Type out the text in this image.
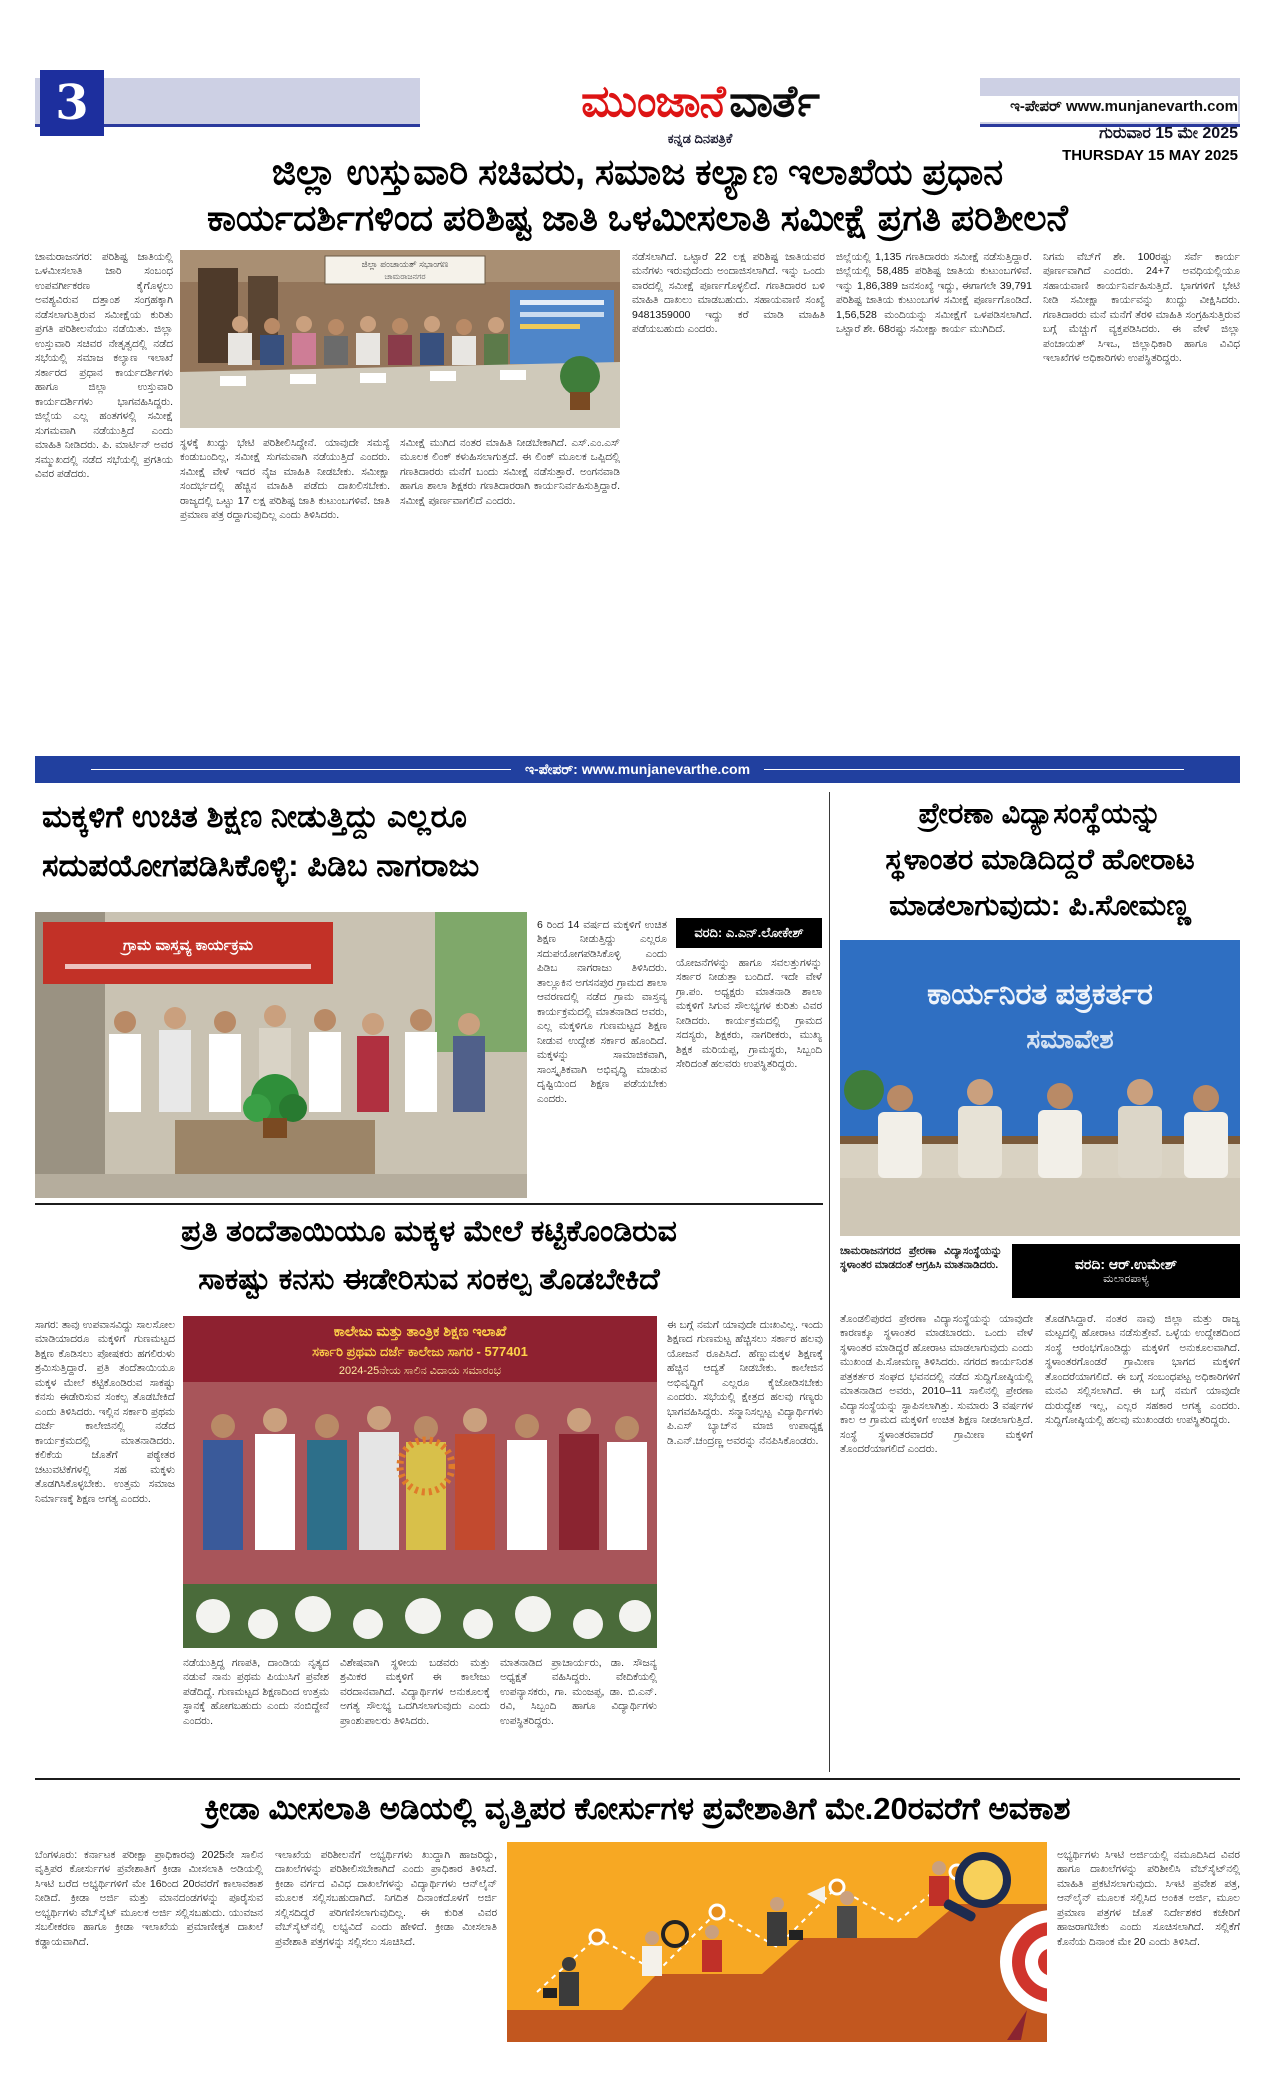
3	ಮುಂಜಾನೆ ವಾರ್ತೆ
ಕನ್ನಡ ದಿನಪತ್ರಿಕೆ
ಇ-ಪೇಪರ್ www.munjanevarth.com
ಗುರುವಾರ 15 ಮೇ 2025
THURSDAY 15 MAY 2025
ಜಿಲ್ಲಾ ಉಸ್ತುವಾರಿ ಸಚಿವರು, ಸಮಾಜ ಕಲ್ಯಾಣ ಇಲಾಖೆಯ ಪ್ರಧಾನ
ಕಾರ್ಯದರ್ಶಿಗಳಿಂದ ಪರಿಶಿಷ್ಟ ಜಾತಿ ಒಳಮೀಸಲಾತಿ ಸಮೀಕ್ಷೆ ಪ್ರಗತಿ ಪರಿಶೀಲನೆ
ಜಿಲ್ಲಾ ಪಂಚಾಯತ್ ಸಭಾಂಗಣ
ಚಾಮರಾಜನಗರ
ಚಾಮರಾಜನಗರ: ಪರಿಶಿಷ್ಟ ಜಾತಿಯಲ್ಲಿ ಒಳಮೀಸಲಾತಿ ಜಾರಿ ಸಂಬಂಧ ಉಪವರ್ಗೀಕರಣ ಕೈಗೊಳ್ಳಲು ಅವಶ್ಯವಿರುವ ದತ್ತಾಂಶ ಸಂಗ್ರಹಕ್ಕಾಗಿ ನಡೆಸಲಾಗುತ್ತಿರುವ ಸಮೀಕ್ಷೆಯ ಕುರಿತು ಪ್ರಗತಿ ಪರಿಶೀಲನೆಯು ನಡೆಯಿತು. ಜಿಲ್ಲಾ ಉಸ್ತುವಾರಿ ಸಚಿವರ ನೇತೃತ್ವದಲ್ಲಿ ನಡೆದ ಸಭೆಯಲ್ಲಿ ಸಮಾಜ ಕಲ್ಯಾಣ ಇಲಾಖೆ ಸರ್ಕಾರದ ಪ್ರಧಾನ ಕಾರ್ಯದರ್ಶಿಗಳು ಹಾಗೂ ಜಿಲ್ಲಾ ಉಸ್ತುವಾರಿ ಕಾರ್ಯದರ್ಶಿಗಳು ಭಾಗವಹಿಸಿದ್ದರು. ಜಿಲ್ಲೆಯ ಎಲ್ಲ ಹಂತಗಳಲ್ಲಿ ಸಮೀಕ್ಷೆ ಸುಗಮವಾಗಿ ನಡೆಯುತ್ತಿದೆ ಎಂದು ಮಾಹಿತಿ ನೀಡಿದರು. ಪಿ. ಮಾರ್ಟಿನ್ ಅವರ ಸಮ್ಮುಖದಲ್ಲಿ ನಡೆದ ಸಭೆಯಲ್ಲಿ ಪ್ರಗತಿಯ ವಿವರ ಪಡೆದರು.
ಸ್ಥಳಕ್ಕೆ ಖುದ್ದು ಭೇಟಿ ಪರಿಶೀಲಿಸಿದ್ದೇನೆ. ಯಾವುದೇ ಸಮಸ್ಯೆ ಕಂಡುಬಂದಿಲ್ಲ, ಸಮೀಕ್ಷೆ ಸುಗಮವಾಗಿ ನಡೆಯುತ್ತಿದೆ ಎಂದರು. ಸಮೀಕ್ಷೆ ವೇಳೆ ಇದರ ನೈಜ ಮಾಹಿತಿ ನೀಡಬೇಕು. ಸಮೀಕ್ಷಾ ಸಂದರ್ಭದಲ್ಲಿ ಹೆಚ್ಚಿನ ಮಾಹಿತಿ ಪಡೆದು ದಾಖಲಿಸಬೇಕು. ರಾಜ್ಯದಲ್ಲಿ ಒಟ್ಟು 17 ಲಕ್ಷ ಪರಿಶಿಷ್ಟ ಜಾತಿ ಕುಟುಂಬಗಳಿವೆ. ಜಾತಿ ಪ್ರಮಾಣ ಪತ್ರ ರದ್ದಾಗುವುದಿಲ್ಲ ಎಂದು ತಿಳಿಸಿದರು.
ಸಮೀಕ್ಷೆ ಮುಗಿದ ನಂತರ ಮಾಹಿತಿ ನೀಡಬೇಕಾಗಿದೆ. ಎಸ್.ಎಂ.ಎಸ್ ಮೂಲಕ ಲಿಂಕ್ ಕಳುಹಿಸಲಾಗುತ್ತದೆ. ಈ ಲಿಂಕ್ ಮೂಲಕ ಒಪ್ಪಿದಲ್ಲಿ ಗಣತಿದಾರರು ಮನೆಗೆ ಬಂದು ಸಮೀಕ್ಷೆ ನಡೆಸುತ್ತಾರೆ. ಅಂಗನವಾಡಿ ಹಾಗೂ ಶಾಲಾ ಶಿಕ್ಷಕರು ಗಣತಿದಾರರಾಗಿ ಕಾರ್ಯನಿರ್ವಹಿಸುತ್ತಿದ್ದಾರೆ. ಸಮೀಕ್ಷೆ ಪೂರ್ಣವಾಗಲಿದೆ ಎಂದರು.
ನಡೆಸಲಾಗಿದೆ. ಒಟ್ಟಾರೆ 22 ಲಕ್ಷ ಪರಿಶಿಷ್ಟ ಜಾತಿಯವರ ಮನೆಗಳು ಇರುವುದೆಂದು ಅಂದಾಜಿಸಲಾಗಿದೆ. ಇನ್ನು ಒಂದು ವಾರದಲ್ಲಿ ಸಮೀಕ್ಷೆ ಪೂರ್ಣಗೊಳ್ಳಲಿದೆ. ಗಣತಿದಾರರ ಬಳಿ ಮಾಹಿತಿ ದಾಖಲು ಮಾಡಬಹುದು. ಸಹಾಯವಾಣಿ ಸಂಖ್ಯೆ 9481359000 ಇದ್ದು ಕರೆ ಮಾಡಿ ಮಾಹಿತಿ ಪಡೆಯಬಹುದು ಎಂದರು.
ಜಿಲ್ಲೆಯಲ್ಲಿ 1,135 ಗಣತಿದಾರರು ಸಮೀಕ್ಷೆ ನಡೆಸುತ್ತಿದ್ದಾರೆ. ಜಿಲ್ಲೆಯಲ್ಲಿ 58,485 ಪರಿಶಿಷ್ಟ ಜಾತಿಯ ಕುಟುಂಬಗಳಿವೆ. ಇನ್ನು 1,86,389 ಜನಸಂಖ್ಯೆ ಇದ್ದು, ಈಗಾಗಲೇ 39,791 ಪರಿಶಿಷ್ಟ ಜಾತಿಯ ಕುಟುಂಬಗಳ ಸಮೀಕ್ಷೆ ಪೂರ್ಣಗೊಂಡಿದೆ. 1,56,528 ಮಂದಿಯನ್ನು ಸಮೀಕ್ಷೆಗೆ ಒಳಪಡಿಸಲಾಗಿದೆ. ಒಟ್ಟಾರೆ ಶೇ. 68ರಷ್ಟು ಸಮೀಕ್ಷಾ ಕಾರ್ಯ ಮುಗಿದಿದೆ.
ನಿಗಮ ವೆಬ್‌ಗೆ ಶೇ. 100ರಷ್ಟು ಸರ್ವೆ ಕಾರ್ಯ ಪೂರ್ಣವಾಗಿದೆ ಎಂದರು. 24+7 ಅವಧಿಯಲ್ಲಿಯೂ ಸಹಾಯವಾಣಿ ಕಾರ್ಯನಿರ್ವಹಿಸುತ್ತಿದೆ. ಭಾಗಗಳಿಗೆ ಭೇಟಿ ನೀಡಿ ಸಮೀಕ್ಷಾ ಕಾರ್ಯವನ್ನು ಖುದ್ದು ವೀಕ್ಷಿಸಿದರು. ಗಣತಿದಾರರು ಮನೆ ಮನೆಗೆ ತೆರಳಿ ಮಾಹಿತಿ ಸಂಗ್ರಹಿಸುತ್ತಿರುವ ಬಗ್ಗೆ ಮೆಚ್ಚುಗೆ ವ್ಯಕ್ತಪಡಿಸಿದರು. ಈ ವೇಳೆ ಜಿಲ್ಲಾ ಪಂಚಾಯತ್ ಸಿಇಒ, ಜಿಲ್ಲಾಧಿಕಾರಿ ಹಾಗೂ ವಿವಿಧ ಇಲಾಖೆಗಳ ಅಧಿಕಾರಿಗಳು ಉಪಸ್ಥಿತರಿದ್ದರು.
ಇ-ಪೇಪರ್: www.munjanevarthe.com
ಮಕ್ಕಳಿಗೆ ಉಚಿತ ಶಿಕ್ಷಣ ನೀಡುತ್ತಿದ್ದು ಎಲ್ಲರೂ
ಸದುಪಯೋಗಪಡಿಸಿಕೊಳ್ಳಿ: ಪಿಡಿಬ ನಾಗರಾಜು
ಗ್ರಾಮ ವಾಸ್ತವ್ಯ ಕಾರ್ಯಕ್ರಮ
6 ರಿಂದ 14 ವರ್ಷದ ಮಕ್ಕಳಿಗೆ ಉಚಿತ ಶಿಕ್ಷಣ ನೀಡುತ್ತಿದ್ದು ಎಲ್ಲರೂ ಸದುಪಯೋಗಪಡಿಸಿಕೊಳ್ಳಿ ಎಂದು ಪಿಡಿಬ ನಾಗರಾಜು ತಿಳಿಸಿದರು. ತಾಲ್ಲೂಕಿನ ಅಗಸನಪುರ ಗ್ರಾಮದ ಶಾಲಾ ಆವರಣದಲ್ಲಿ ನಡೆದ ಗ್ರಾಮ ವಾಸ್ತವ್ಯ ಕಾರ್ಯಕ್ರಮದಲ್ಲಿ ಮಾತನಾಡಿದ ಅವರು, ಎಲ್ಲ ಮಕ್ಕಳಿಗೂ ಗುಣಮಟ್ಟದ ಶಿಕ್ಷಣ ನೀಡುವ ಉದ್ದೇಶ ಸರ್ಕಾರ ಹೊಂದಿದೆ. ಮಕ್ಕಳನ್ನು ಸಾಮಾಜಿಕವಾಗಿ, ಸಾಂಸ್ಕೃತಿಕವಾಗಿ ಅಭಿವೃದ್ಧಿ ಮಾಡುವ ದೃಷ್ಟಿಯಿಂದ ಶಿಕ್ಷಣ ಪಡೆಯಬೇಕು ಎಂದರು.
ವರದಿ: ಎ.ಎನ್.ಲೋಕೇಶ್
ಯೋಜನೆಗಳನ್ನು ಹಾಗೂ ಸವಲತ್ತುಗಳನ್ನು ಸರ್ಕಾರ ನೀಡುತ್ತಾ ಬಂದಿದೆ. ಇದೇ ವೇಳೆ ಗ್ರಾ.ಪಂ. ಅಧ್ಯಕ್ಷರು ಮಾತನಾಡಿ ಶಾಲಾ ಮಕ್ಕಳಿಗೆ ಸಿಗುವ ಸೌಲಭ್ಯಗಳ ಕುರಿತು ವಿವರ ನೀಡಿದರು. ಕಾರ್ಯಕ್ರಮದಲ್ಲಿ ಗ್ರಾಮದ ಸದಸ್ಯರು, ಶಿಕ್ಷಕರು, ನಾಗರೀಕರು, ಮುಖ್ಯ ಶಿಕ್ಷಕ ಮರಿಯಪ್ಪ, ಗ್ರಾಮಸ್ಥರು, ಸಿಬ್ಬಂದಿ ಸೇರಿದಂತೆ ಹಲವರು ಉಪಸ್ಥಿತರಿದ್ದರು.
ಪ್ರೇರಣಾ ವಿದ್ಯಾಸಂಸ್ಥೆಯನ್ನು
ಸ್ಥಳಾಂತರ ಮಾಡಿದಿದ್ದರೆ ಹೋರಾಟ
ಮಾಡಲಾಗುವುದು: ಪಿ.ಸೋಮಣ್ಣ
ಕಾರ್ಯನಿರತ ಪತ್ರಕರ್ತರ
ಸಮಾವೇಶ
ಚಾಮರಾಜನಗರದ ಪ್ರೇರಣಾ ವಿದ್ಯಾಸಂಸ್ಥೆಯನ್ನು ಸ್ಥಳಾಂತರ ಮಾಡದಂತೆ ಆಗ್ರಹಿಸಿ ಮಾತನಾಡಿದರು.	ವರದಿ: ಆರ್.ಉಮೇಶ್
ಮಲಾರಪಾಳ್ಯ
ತೊಂಡಲಿಪುರದ ಪ್ರೇರಣಾ ವಿದ್ಯಾಸಂಸ್ಥೆಯನ್ನು ಯಾವುದೇ ಕಾರಣಕ್ಕೂ ಸ್ಥಳಾಂತರ ಮಾಡಬಾರದು. ಒಂದು ವೇಳೆ ಸ್ಥಳಾಂತರ ಮಾಡಿದ್ದರೆ ಹೋರಾಟ ಮಾಡಲಾಗುವುದು ಎಂದು ಮುಖಂಡ ಪಿ.ಸೋಮಣ್ಣ ತಿಳಿಸಿದರು. ನಗರದ ಕಾರ್ಯನಿರತ ಪತ್ರಕರ್ತರ ಸಂಘದ ಭವನದಲ್ಲಿ ನಡೆದ ಸುದ್ದಿಗೋಷ್ಠಿಯಲ್ಲಿ ಮಾತನಾಡಿದ ಅವರು, 2010–11 ಸಾಲಿನಲ್ಲಿ ಪ್ರೇರಣಾ ವಿದ್ಯಾಸಂಸ್ಥೆಯನ್ನು ಸ್ಥಾಪಿಸಲಾಗಿತ್ತು. ಸುಮಾರು 3 ವರ್ಷಗಳ ಕಾಲ ಆ ಗ್ರಾಮದ ಮಕ್ಕಳಿಗೆ ಉಚಿತ ಶಿಕ್ಷಣ ನೀಡಲಾಗುತ್ತಿದೆ. ಸಂಸ್ಥೆ ಸ್ಥಳಾಂತರವಾದರೆ ಗ್ರಾಮೀಣ ಮಕ್ಕಳಿಗೆ ತೊಂದರೆಯಾಗಲಿದೆ ಎಂದರು.
ತೊಡಗಿಸಿದ್ದಾರೆ. ನಂತರ ನಾವು ಜಿಲ್ಲಾ ಮತ್ತು ರಾಜ್ಯ ಮಟ್ಟದಲ್ಲಿ ಹೋರಾಟ ನಡೆಸುತ್ತೇವೆ. ಒಳ್ಳೆಯ ಉದ್ದೇಶದಿಂದ ಸಂಸ್ಥೆ ಆರಂಭಗೊಂಡಿದ್ದು ಮಕ್ಕಳಿಗೆ ಅನುಕೂಲವಾಗಿದೆ. ಸ್ಥಳಾಂತರಗೊಂಡರೆ ಗ್ರಾಮೀಣ ಭಾಗದ ಮಕ್ಕಳಿಗೆ ತೊಂದರೆಯಾಗಲಿದೆ. ಈ ಬಗ್ಗೆ ಸಂಬಂಧಪಟ್ಟ ಅಧಿಕಾರಿಗಳಿಗೆ ಮನವಿ ಸಲ್ಲಿಸಲಾಗಿದೆ. ಈ ಬಗ್ಗೆ ನಮಗೆ ಯಾವುದೇ ದುರುದ್ದೇಶ ಇಲ್ಲ, ಎಲ್ಲರ ಸಹಕಾರ ಅಗತ್ಯ ಎಂದರು. ಸುದ್ದಿಗೋಷ್ಠಿಯಲ್ಲಿ ಹಲವು ಮುಖಂಡರು ಉಪಸ್ಥಿತರಿದ್ದರು.
ಪ್ರತಿ ತಂದೆತಾಯಿಯೂ ಮಕ್ಕಳ ಮೇಲೆ ಕಟ್ಟಿಕೊಂಡಿರುವ
ಸಾಕಷ್ಟು ಕನಸು ಈಡೇರಿಸುವ ಸಂಕಲ್ಪ ತೊಡಬೇಕಿದೆ
ಸಾಗರ: ತಾವು ಉಪವಾಸವಿದ್ದು ಸಾಲಸೋಲ ಮಾಡಿಯಾದರೂ ಮಕ್ಕಳಿಗೆ ಗುಣಮಟ್ಟದ ಶಿಕ್ಷಣ ಕೊಡಿಸಲು ಪೋಷಕರು ಹಗಲಿರುಳು ಶ್ರಮಿಸುತ್ತಿದ್ದಾರೆ. ಪ್ರತಿ ತಂದೆತಾಯಿಯೂ ಮಕ್ಕಳ ಮೇಲೆ ಕಟ್ಟಿಕೊಂಡಿರುವ ಸಾಕಷ್ಟು ಕನಸು ಈಡೇರಿಸುವ ಸಂಕಲ್ಪ ತೊಡಬೇಕಿದೆ ಎಂದು ತಿಳಿಸಿದರು. ಇಲ್ಲಿನ ಸರ್ಕಾರಿ ಪ್ರಥಮ ದರ್ಜೆ ಕಾಲೇಜಿನಲ್ಲಿ ನಡೆದ ಕಾರ್ಯಕ್ರಮದಲ್ಲಿ ಮಾತನಾಡಿದರು. ಕಲಿಕೆಯ ಜೊತೆಗೆ ಪಠ್ಯೇತರ ಚಟುವಟಿಕೆಗಳಲ್ಲಿ ಸಹ ಮಕ್ಕಳು ತೊಡಗಿಸಿಕೊಳ್ಳಬೇಕು. ಉತ್ತಮ ಸಮಾಜ ನಿರ್ಮಾಣಕ್ಕೆ ಶಿಕ್ಷಣ ಅಗತ್ಯ ಎಂದರು.
ಕಾಲೇಜು ಮತ್ತು ತಾಂತ್ರಿಕ ಶಿಕ್ಷಣ ಇಲಾಖೆ
ಸರ್ಕಾರಿ ಪ್ರಥಮ ದರ್ಜೆ ಕಾಲೇಜು ಸಾಗರ - 577401
2024-25ನೇಯ ಸಾಲಿನ ವಿದಾಯ ಸಮಾರಂಭ
ನಡೆಯುತ್ತಿದ್ದ ಗಣಪತಿ, ದಾಂಡಿಯ ನೃತ್ಯದ ನಡುವೆ ನಾನು ಪ್ರಥಮ ಪಿಯುಸಿಗೆ ಪ್ರವೇಶ ಪಡೆದಿದ್ದೆ. ಗುಣಮಟ್ಟದ ಶಿಕ್ಷಣದಿಂದ ಉತ್ತಮ ಸ್ಥಾನಕ್ಕೆ ಹೋಗಬಹುದು ಎಂದು ನಂಬಿದ್ದೇನೆ ಎಂದರು.
ವಿಶೇಷವಾಗಿ ಸ್ಥಳೀಯ ಬಡವರು ಮತ್ತು ಶ್ರಮಿಕರ ಮಕ್ಕಳಿಗೆ ಈ ಕಾಲೇಜು ವರದಾನವಾಗಿದೆ. ವಿದ್ಯಾರ್ಥಿಗಳ ಅನುಕೂಲಕ್ಕೆ ಅಗತ್ಯ ಸೌಲಭ್ಯ ಒದಗಿಸಲಾಗುವುದು ಎಂದು ಪ್ರಾಂಶುಪಾಲರು ತಿಳಿಸಿದರು.
ಮಾತನಾಡಿದ ಪ್ರಾಚಾರ್ಯರು, ಡಾ. ಸೌಜನ್ಯ ಅಧ್ಯಕ್ಷತೆ ವಹಿಸಿದ್ದರು. ವೇದಿಕೆಯಲ್ಲಿ ಉಪನ್ಯಾಸಕರು, ಗಾ. ಮಂಜಪ್ಪ, ಡಾ. ಬಿ.ಎನ್. ರವಿ, ಸಿಬ್ಬಂದಿ ಹಾಗೂ ವಿದ್ಯಾರ್ಥಿಗಳು ಉಪಸ್ಥಿತರಿದ್ದರು.
ಈ ಬಗ್ಗೆ ನಮಗೆ ಯಾವುದೇ ದುಃಖವಿಲ್ಲ. ಇಂದು ಶಿಕ್ಷಣದ ಗುಣಮಟ್ಟ ಹೆಚ್ಚಿಸಲು ಸರ್ಕಾರ ಹಲವು ಯೋಜನೆ ರೂಪಿಸಿದೆ. ಹೆಣ್ಣುಮಕ್ಕಳ ಶಿಕ್ಷಣಕ್ಕೆ ಹೆಚ್ಚಿನ ಆದ್ಯತೆ ನೀಡಬೇಕು. ಕಾಲೇಜಿನ ಅಭಿವೃದ್ಧಿಗೆ ಎಲ್ಲರೂ ಕೈಜೋಡಿಸಬೇಕು ಎಂದರು. ಸಭೆಯಲ್ಲಿ ಕ್ಷೇತ್ರದ ಹಲವು ಗಣ್ಯರು ಭಾಗವಹಿಸಿದ್ದರು. ಸನ್ಮಾನಿಸಲ್ಪಟ್ಟ ವಿದ್ಯಾರ್ಥಿಗಳು ಪಿ.ಎಸ್ ಬ್ಯಾಚ್‌ನ ಮಾಜಿ ಉಪಾಧ್ಯಕ್ಷ ಡಿ.ಎನ್.ಚಂದ್ರಣ್ಣ ಅವರನ್ನು ನೆನಪಿಸಿಕೊಂಡರು.
ಕ್ರೀಡಾ ಮೀಸಲಾತಿ ಅಡಿಯಲ್ಲಿ ವೃತ್ತಿಪರ ಕೋರ್ಸುಗಳ ಪ್ರವೇಶಾತಿಗೆ ಮೇ.20ರವರೆಗೆ ಅವಕಾಶ
ಬೆಂಗಳೂರು: ಕರ್ನಾಟಕ ಪರೀಕ್ಷಾ ಪ್ರಾಧಿಕಾರವು 2025ನೇ ಸಾಲಿನ ವೃತ್ತಿಪರ ಕೋರ್ಸುಗಳ ಪ್ರವೇಶಾತಿಗೆ ಕ್ರೀಡಾ ಮೀಸಲಾತಿ ಅಡಿಯಲ್ಲಿ ಸಿಇಟಿ ಬರೆದ ಅಭ್ಯರ್ಥಿಗಳಿಗೆ ಮೇ 16ರಿಂದ 20ರವರೆಗೆ ಕಾಲಾವಕಾಶ ನೀಡಿದೆ. ಕ್ರೀಡಾ ಅರ್ಜಿ ಮತ್ತು ಮಾನದಂಡಗಳನ್ನು ಪೂರೈಸುವ ಅಭ್ಯರ್ಥಿಗಳು ವೆಬ್‌ಸೈಟ್ ಮೂಲಕ ಅರ್ಜಿ ಸಲ್ಲಿಸಬಹುದು. ಯುವಜನ ಸಬಲೀಕರಣ ಹಾಗೂ ಕ್ರೀಡಾ ಇಲಾಖೆಯ ಪ್ರಮಾಣೀಕೃತ ದಾಖಲೆ ಕಡ್ಡಾಯವಾಗಿದೆ.
ಇಲಾಖೆಯ ಪರಿಶೀಲನೆಗೆ ಅಭ್ಯರ್ಥಿಗಳು ಖುದ್ದಾಗಿ ಹಾಜರಿದ್ದು, ದಾಖಲೆಗಳನ್ನು ಪರಿಶೀಲಿಸಬೇಕಾಗಿದೆ ಎಂದು ಪ್ರಾಧಿಕಾರ ತಿಳಿಸಿದೆ. ಕ್ರೀಡಾ ವರ್ಗದ ವಿವಿಧ ದಾಖಲೆಗಳನ್ನು ವಿದ್ಯಾರ್ಥಿಗಳು ಆನ್‌ಲೈನ್ ಮೂಲಕ ಸಲ್ಲಿಸಬಹುದಾಗಿದೆ. ನಿಗದಿತ ದಿನಾಂಕದೊಳಗೆ ಅರ್ಜಿ ಸಲ್ಲಿಸದಿದ್ದರೆ ಪರಿಗಣಿಸಲಾಗುವುದಿಲ್ಲ. ಈ ಕುರಿತ ವಿವರ ವೆಬ್‌ಸೈಟ್‌ನಲ್ಲಿ ಲಭ್ಯವಿದೆ ಎಂದು ಹೇಳಿದೆ. ಕ್ರೀಡಾ ಮೀಸಲಾತಿ ಪ್ರವೇಶಾತಿ ಪತ್ರಗಳನ್ನು ಸಲ್ಲಿಸಲು ಸೂಚಿಸಿದೆ.
ಅಭ್ಯರ್ಥಿಗಳು ಸಿಇಟಿ ಅರ್ಜಿಯಲ್ಲಿ ನಮೂದಿಸಿದ ವಿವರ ಹಾಗೂ ದಾಖಲೆಗಳನ್ನು ಪರಿಶೀಲಿಸಿ ವೆಬ್‌ಸೈಟ್‌ನಲ್ಲಿ ಮಾಹಿತಿ ಪ್ರಕಟಿಸಲಾಗುವುದು. ಸಿಇಟಿ ಪ್ರವೇಶ ಪತ್ರ, ಆನ್‌ಲೈನ್ ಮೂಲಕ ಸಲ್ಲಿಸಿದ ಅಂಕಿತ ಅರ್ಜಿ, ಮೂಲ ಪ್ರಮಾಣ ಪತ್ರಗಳ ಜೊತೆ ನಿರ್ದೇಶಕರ ಕಚೇರಿಗೆ ಹಾಜರಾಗಬೇಕು ಎಂದು ಸೂಚಿಸಲಾಗಿದೆ. ಸಲ್ಲಿಕೆಗೆ ಕೊನೆಯ ದಿನಾಂಕ ಮೇ 20 ಎಂದು ತಿಳಿಸಿದೆ.
